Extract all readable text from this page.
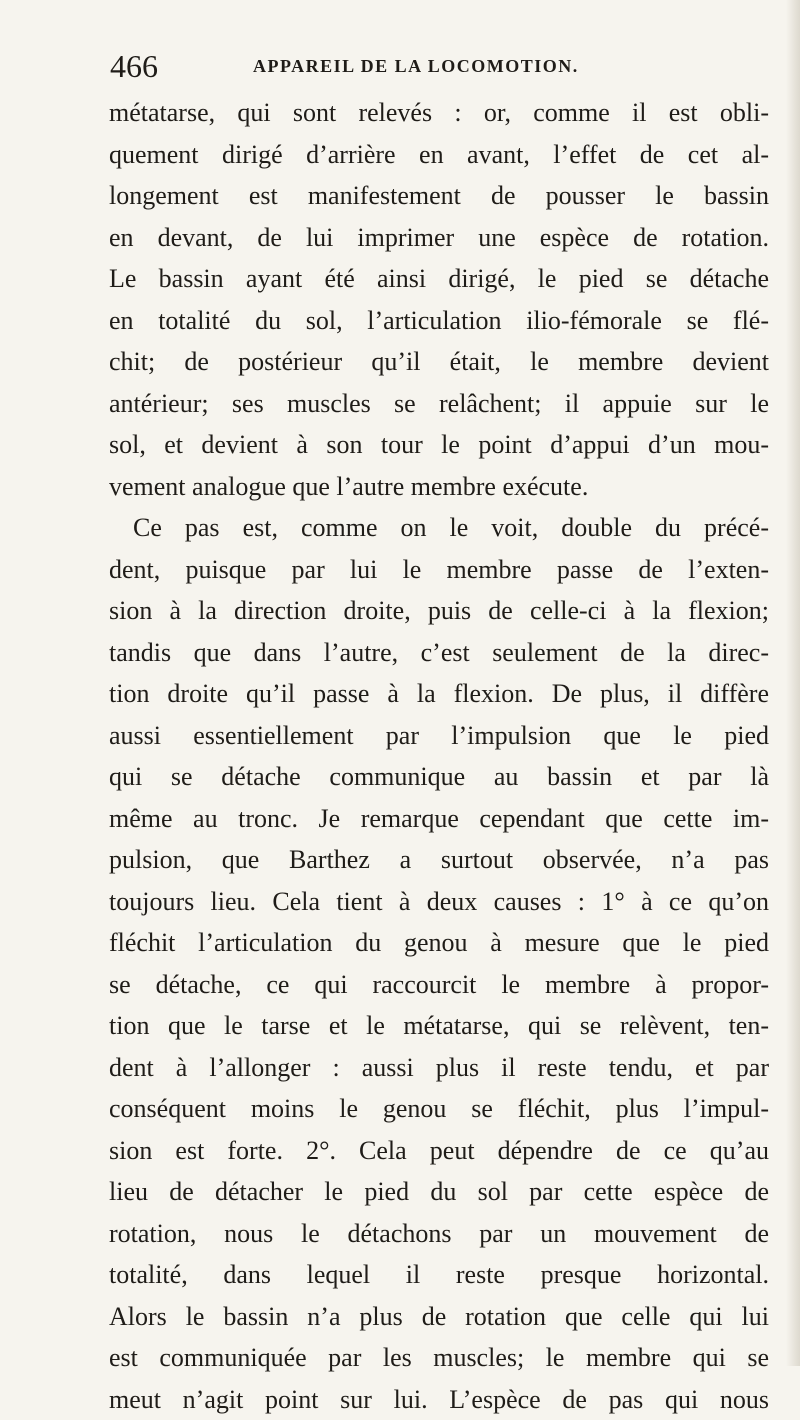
466	APPAREIL DE LA LOCOMOTION.
métatarse, qui sont relevés : or, comme il est obli-
quement dirigé d’arrière en avant, l’effet de cet al-
longement est manifestement de pousser le bassin
en devant, de lui imprimer une espèce de rotation.
Le bassin ayant été ainsi dirigé, le pied se détache
en totalité du sol, l’articulation ilio-fémorale se flé-
chit; de postérieur qu’il était, le membre devient
antérieur; ses muscles se relâchent; il appuie sur le
sol, et devient à son tour le point d’appui d’un mou-
vement analogue que l’autre membre exécute.
Ce pas est, comme on le voit, double du précé-
dent, puisque par lui le membre passe de l’exten-
sion à la direction droite, puis de celle-ci à la flexion;
tandis que dans l’autre, c’est seulement de la direc-
tion droite qu’il passe à la flexion. De plus, il diffère
aussi essentiellement par l’impulsion que le pied
qui se détache communique au bassin et par là
même au tronc. Je remarque cependant que cette im-
pulsion, que Barthez a surtout observée, n’a pas
toujours lieu. Cela tient à deux causes : 1° à ce qu’on
fléchit l’articulation du genou à mesure que le pied
se détache, ce qui raccourcit le membre à propor-
tion que le tarse et le métatarse, qui se relèvent, ten-
dent à l’allonger : aussi plus il reste tendu, et par
conséquent moins le genou se fléchit, plus l’impul-
sion est forte. 2°. Cela peut dépendre de ce qu’au
lieu de détacher le pied du sol par cette espèce de
rotation, nous le détachons par un mouvement de
totalité, dans lequel il reste presque horizontal.
Alors le bassin n’a plus de rotation que celle qui lui
est communiquée par les muscles; le membre qui se
meut n’agit point sur lui. L’espèce de pas qui nous
